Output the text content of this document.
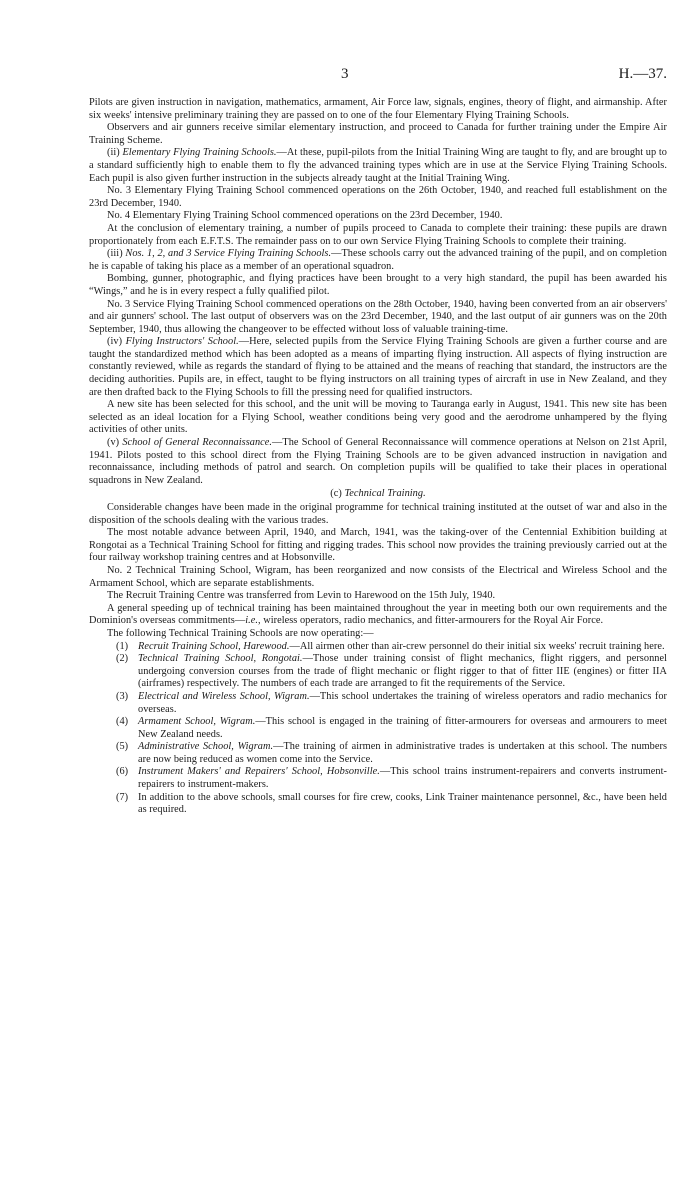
3	H.—37.

Pilots are given instruction in navigation, mathematics, armament, Air Force law, signals, engines, theory of flight, and airmanship. After six weeks' intensive preliminary training they are passed on to one of the four Elementary Flying Training Schools.

Observers and air gunners receive similar elementary instruction, and proceed to Canada for further training under the Empire Air Training Scheme.

(ii) Elementary Flying Training Schools.—At these, pupil-pilots from the Initial Training Wing are taught to fly, and are brought up to a standard sufficiently high to enable them to fly the advanced training types which are in use at the Service Flying Training Schools. Each pupil is also given further instruction in the subjects already taught at the Initial Training Wing.

No. 3 Elementary Flying Training School commenced operations on the 26th October, 1940, and reached full establishment on the 23rd December, 1940.

No. 4 Elementary Flying Training School commenced operations on the 23rd December, 1940.

At the conclusion of elementary training, a number of pupils proceed to Canada to complete their training: these pupils are drawn proportionately from each E.F.T.S. The remainder pass on to our own Service Flying Training Schools to complete their training.

(iii) Nos. 1, 2, and 3 Service Flying Training Schools.—These schools carry out the advanced training of the pupil, and on completion he is capable of taking his place as a member of an operational squadron.

Bombing, gunner, photographic, and flying practices have been brought to a very high standard, the pupil has been awarded his “Wings,” and he is in every respect a fully qualified pilot.

No. 3 Service Flying Training School commenced operations on the 28th October, 1940, having been converted from an air observers' and air gunners' school. The last output of observers was on the 23rd December, 1940, and the last output of air gunners was on the 20th September, 1940, thus allowing the changeover to be effected without loss of valuable training-time.

(iv) Flying Instructors' School.—Here, selected pupils from the Service Flying Training Schools are given a further course and are taught the standardized method which has been adopted as a means of imparting flying instruction. All aspects of flying instruction are constantly reviewed, while as regards the standard of flying to be attained and the means of reaching that standard, the instructors are the deciding authorities. Pupils are, in effect, taught to be flying instructors on all training types of aircraft in use in New Zealand, and they are then drafted back to the Flying Schools to fill the pressing need for qualified instructors.

A new site has been selected for this school, and the unit will be moving to Tauranga early in August, 1941. This new site has been selected as an ideal location for a Flying School, weather conditions being very good and the aerodrome unhampered by the flying activities of other units.

(v) School of General Reconnaissance.—The School of General Reconnaissance will commence operations at Nelson on 21st April, 1941. Pilots posted to this school direct from the Flying Training Schools are to be given advanced instruction in navigation and reconnaissance, including methods of patrol and search. On completion pupils will be qualified to take their places in operational squadrons in New Zealand.

(c) Technical Training.

Considerable changes have been made in the original programme for technical training instituted at the outset of war and also in the disposition of the schools dealing with the various trades.

The most notable advance between April, 1940, and March, 1941, was the taking-over of the Centennial Exhibition building at Rongotai as a Technical Training School for fitting and rigging trades. This school now provides the training previously carried out at the four railway workshop training centres and at Hobsonville.

No. 2 Technical Training School, Wigram, has been reorganized and now consists of the Electrical and Wireless School and the Armament School, which are separate establishments.

The Recruit Training Centre was transferred from Levin to Harewood on the 15th July, 1940.

A general speeding up of technical training has been maintained throughout the year in meeting both our own requirements and the Dominion's overseas commitments—i.e., wireless operators, radio mechanics, and fitter-armourers for the Royal Air Force.

The following Technical Training Schools are now operating:—

(1) Recruit Training School, Harewood.—All airmen other than air-crew personnel do their initial six weeks' recruit training here.
(2) Technical Training School, Rongotai.—Those under training consist of flight mechanics, flight riggers, and personnel undergoing conversion courses from the trade of flight mechanic or flight rigger to that of fitter IIE (engines) or fitter IIA (airframes) respectively. The numbers of each trade are arranged to fit the requirements of the Service.
(3) Electrical and Wireless School, Wigram.—This school undertakes the training of wireless operators and radio mechanics for overseas.
(4) Armament School, Wigram.—This school is engaged in the training of fitter-armourers for overseas and armourers to meet New Zealand needs.
(5) Administrative School, Wigram.—The training of airmen in administrative trades is undertaken at this school. The numbers are now being reduced as women come into the Service.
(6) Instrument Makers' and Repairers' School, Hobsonville.—This school trains instrument-repairers and converts instrument-repairers to instrument-makers.
(7) In addition to the above schools, small courses for fire crew, cooks, Link Trainer maintenance personnel, &c., have been held as required.
